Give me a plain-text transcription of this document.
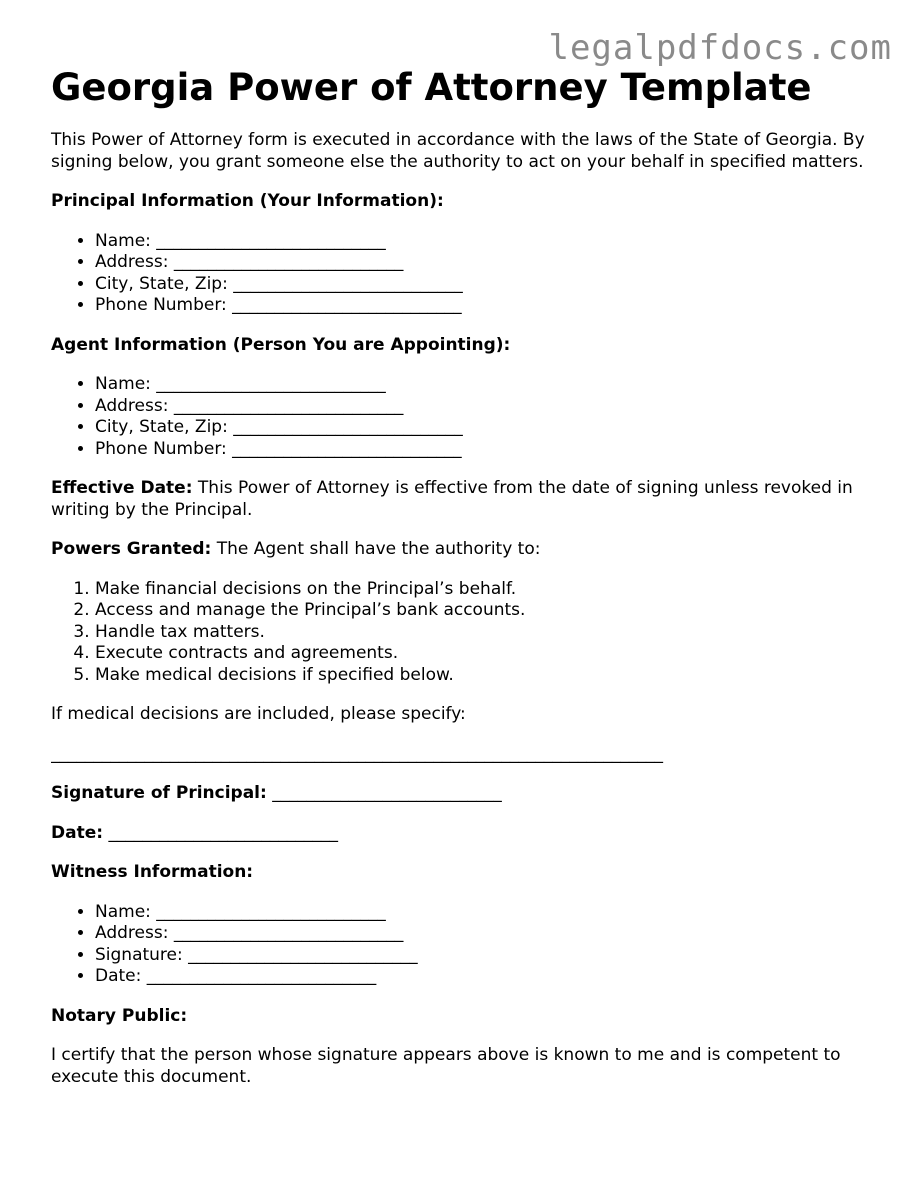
legalpdfdocs.com
Georgia Power of Attorney Template

This Power of Attorney form is executed in accordance with the laws of the State of Georgia. By signing below, you grant someone else the authority to act on your behalf in specified matters.

Principal Information (Your Information):
• Name: ___________________________
• Address: ___________________________
• City, State, Zip: ___________________________
• Phone Number: ___________________________
Agent Information (Person You are Appointing):
• Name: ___________________________
• Address: ___________________________
• City, State, Zip: ___________________________
• Phone Number: ___________________________

Effective Date: This Power of Attorney is effective from the date of signing unless revoked in writing by the Principal.

Powers Granted: The Agent shall have the authority to:

1. Make financial decisions on the Principal’s behalf.
2. Access and manage the Principal’s bank accounts.
3. Handle tax matters.
4. Execute contracts and agreements.
5. Make medical decisions if specified below.

If medical decisions are included, please specify:

________________________________________________________________________

Signature of Principal: ___________________________

Date: ___________________________

Witness Information:
• Name: ___________________________
• Address: ___________________________
• Signature: ___________________________
• Date: ___________________________
Notary Public:

I certify that the person whose signature appears above is known to me and is competent to execute this document.
